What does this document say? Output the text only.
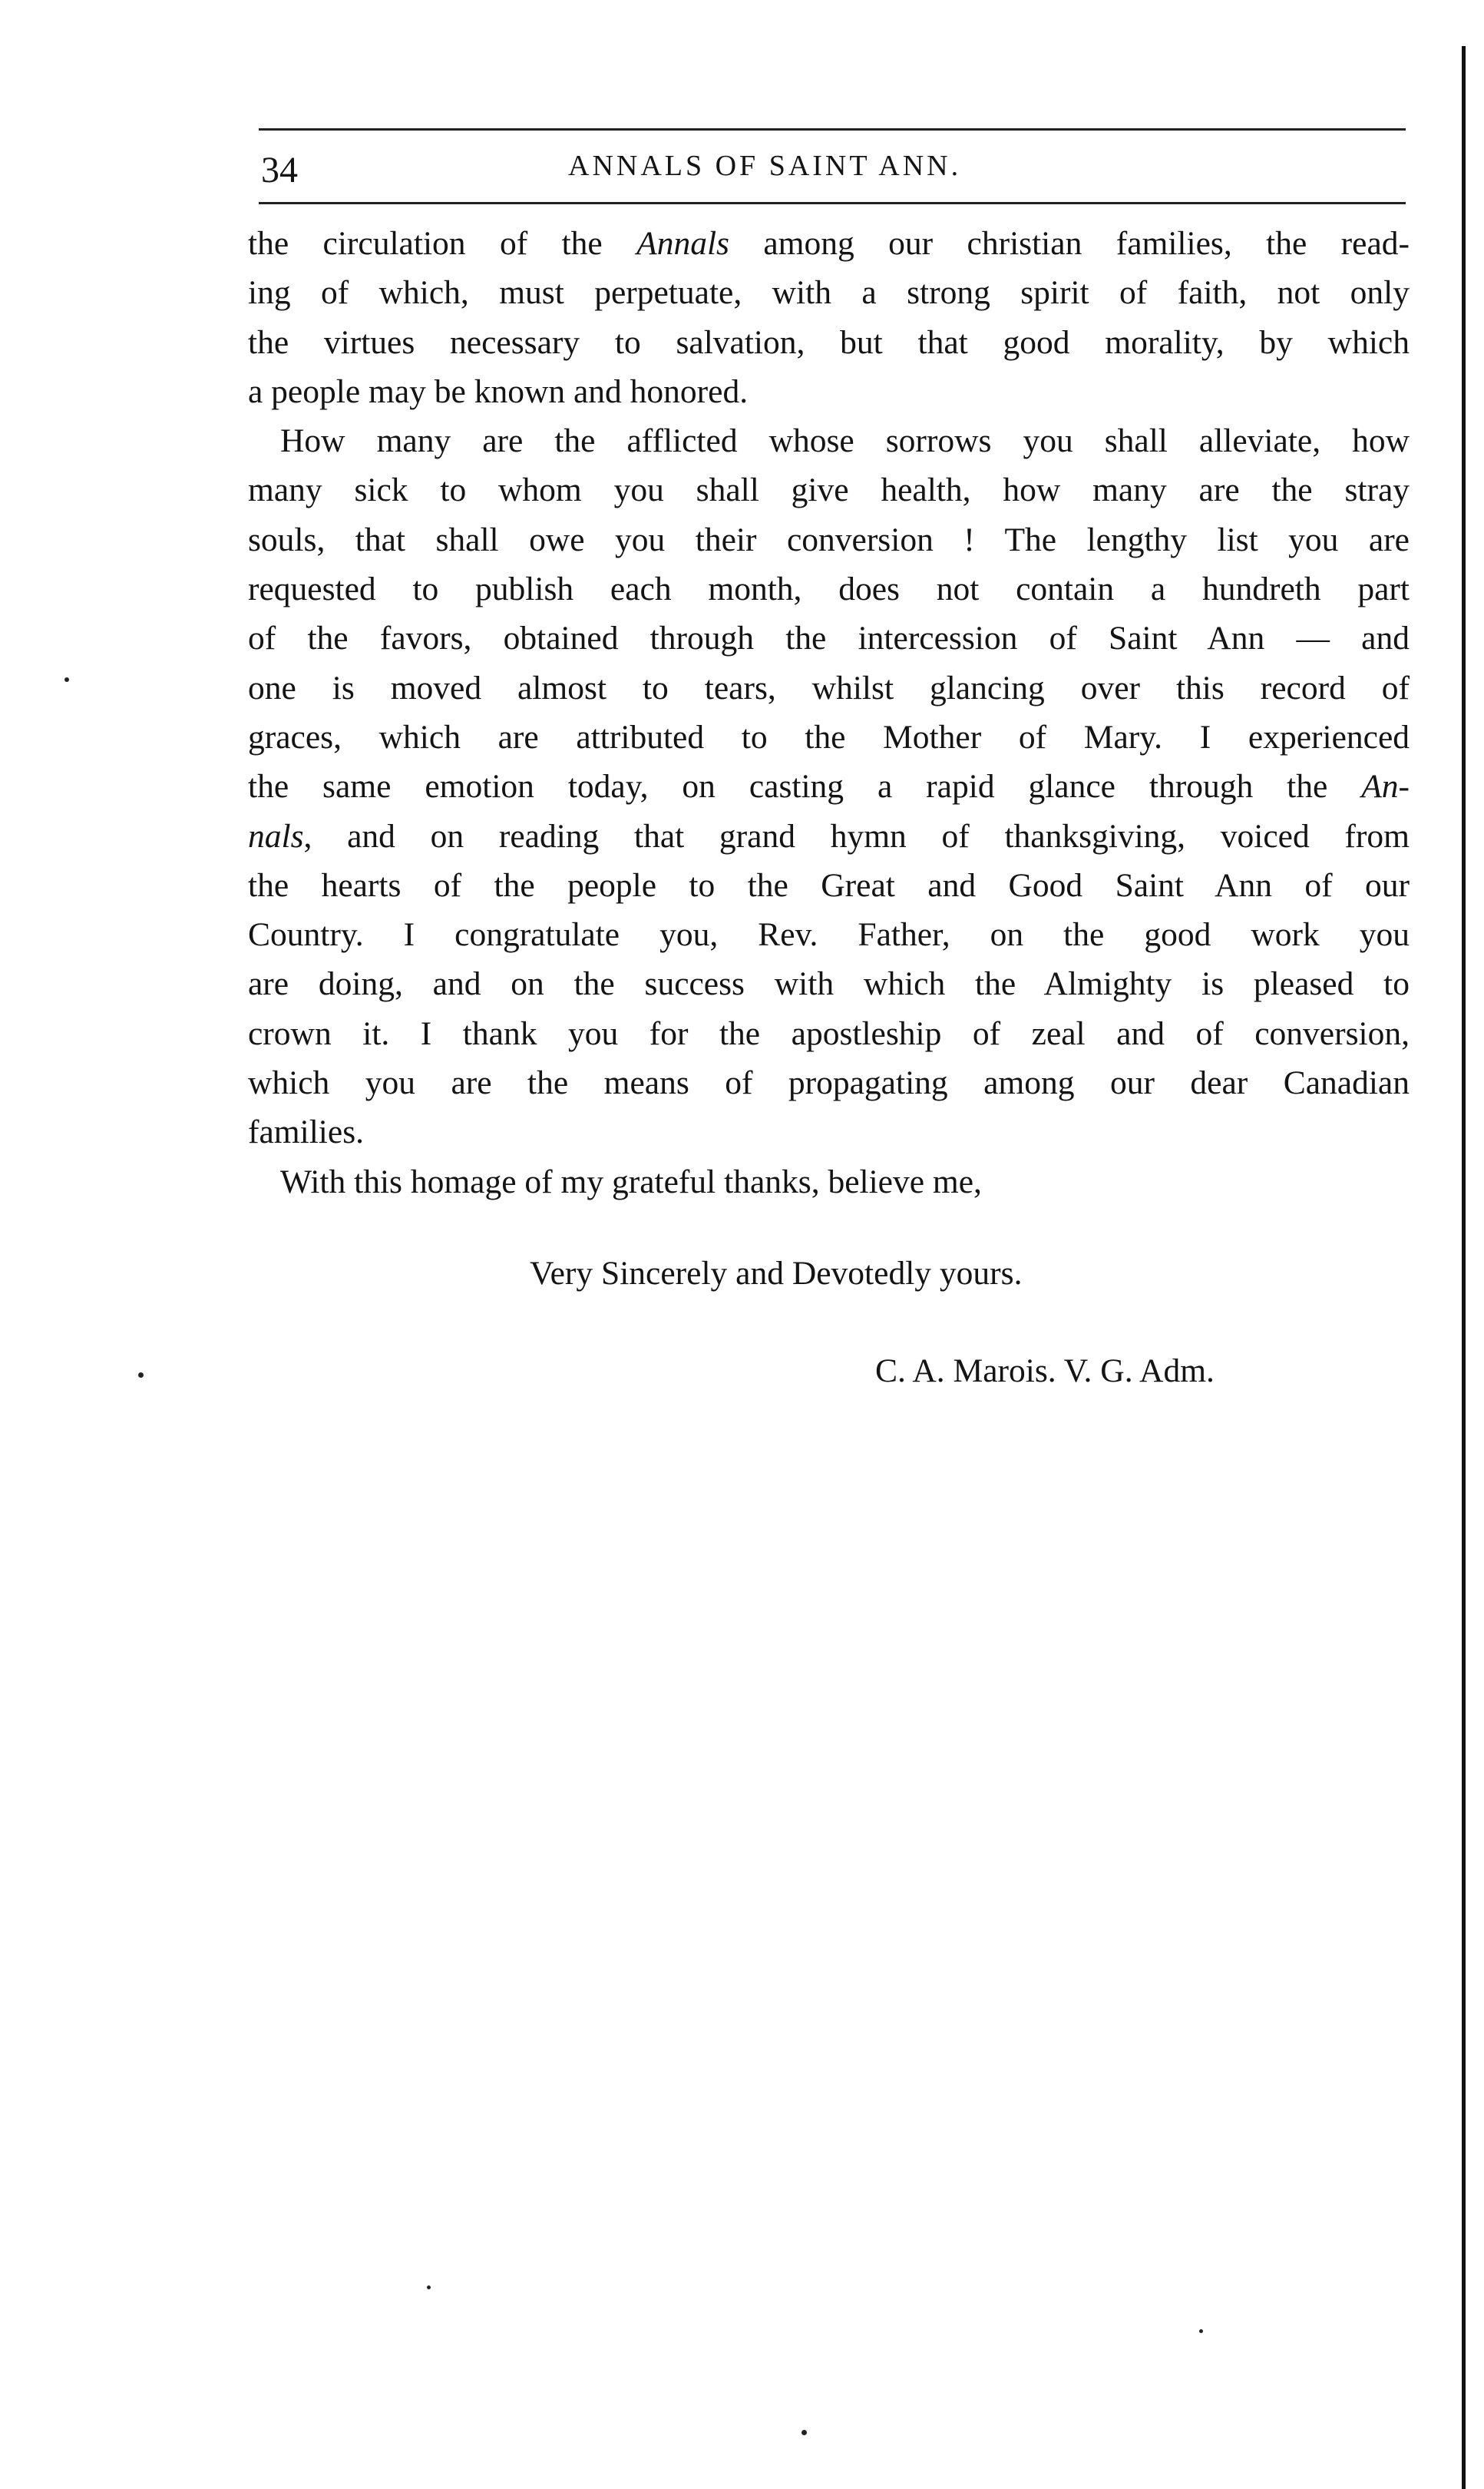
34	ANNALS OF SAINT ANN.
the circulation of the Annals among our christian families, the read-
ing of which, must perpetuate, with a strong spirit of faith, not only
the virtues necessary to salvation, but that good morality, by which
a people may be known and honored.
How many are the afflicted whose sorrows you shall alleviate, how
many sick to whom you shall give health, how many are the stray
souls, that shall owe you their conversion ! The lengthy list you are
requested to publish each month, does not contain a hundreth part
of the favors, obtained through the intercession of Saint Ann — and
one is moved almost to tears, whilst glancing over this record of
graces, which are attributed to the Mother of Mary. I experienced
the same emotion today, on casting a rapid glance through the An-
nals, and on reading that grand hymn of thanksgiving, voiced from
the hearts of the people to the Great and Good Saint Ann of our
Country. I congratulate you, Rev. Father, on the good work you
are doing, and on the success with which the Almighty is pleased to
crown it. I thank you for the apostleship of zeal and of conversion,
which you are the means of propagating among our dear Canadian
families.
With this homage of my grateful thanks, believe me,
Very Sincerely and Devotedly yours.
C. A. Marois. V. G. Adm.
